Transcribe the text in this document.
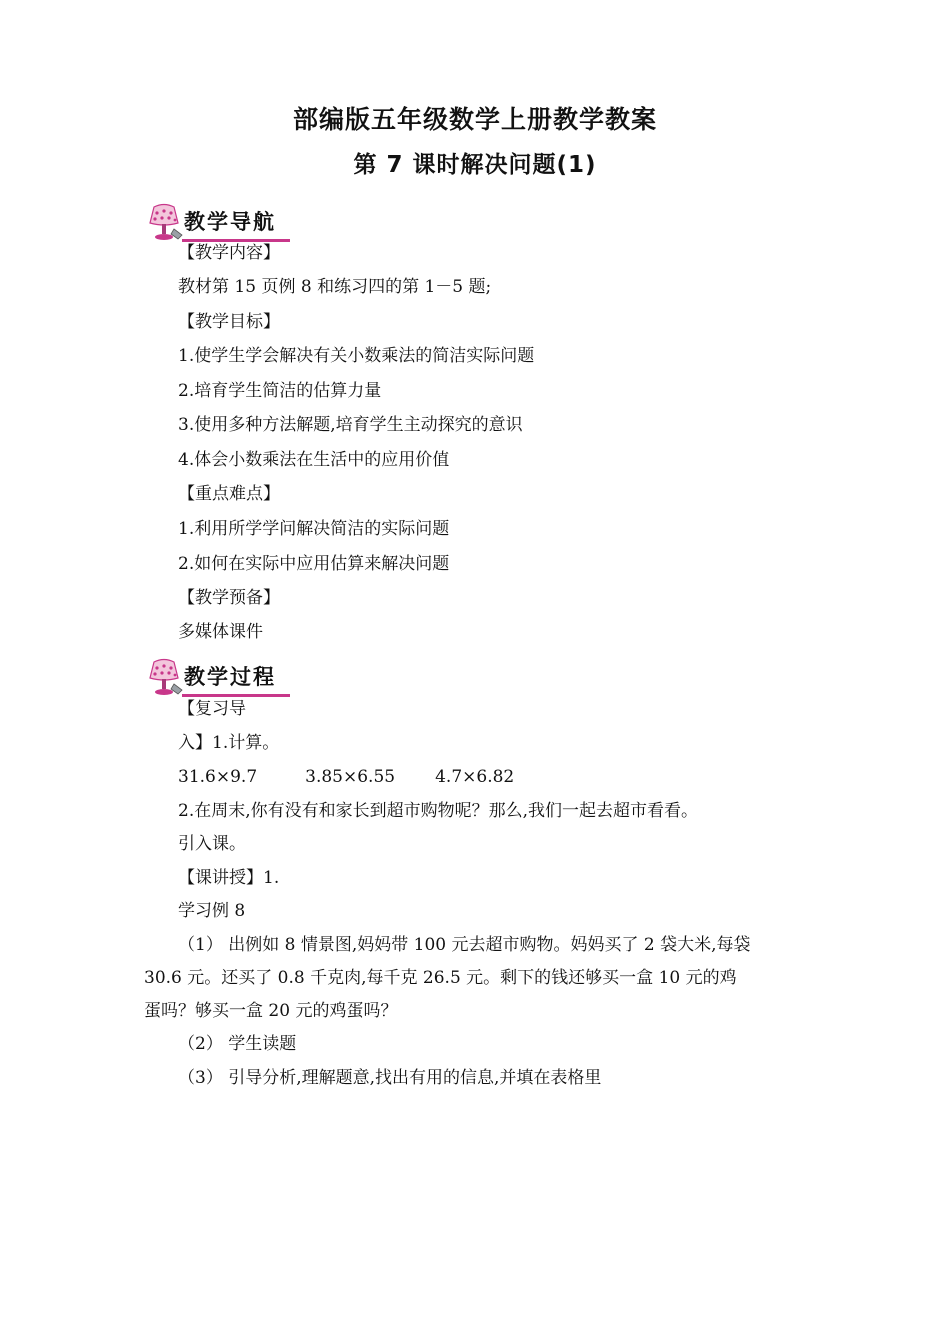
部编版五年级数学上册教学教案
第 7 课时解决问题(1)
教学导航
【教学内容】
教材第 15 页例 8 和练习四的第 1－5 题;
【教学目标】
1.使学生学会解决有关小数乘法的简洁实际问题
2.培育学生简洁的估算力量
3.使用多种方法解题,培育学生主动探究的意识
4.体会小数乘法在生活中的应用价值
【重点难点】
1.利用所学学问解决简洁的实际问题
2.如何在实际中应用估算来解决问题
【教学预备】
多媒体课件
教学过程
【复习导
入】1.计算。
31.6×9.7	3.85×6.55 4.7×6.82
2.在周末,你有没有和家长到超市购物呢？那么,我们一起去超市看看。
引入课。
【课讲授】1.
学习例 8
（1） 出例如 8 情景图,妈妈带 100 元去超市购物。妈妈买了 2 袋大米,每袋
30.6 元。还买了 0.8 千克肉,每千克 26.5 元。剩下的钱还够买一盒 10 元的鸡
蛋吗？够买一盒 20 元的鸡蛋吗？
（2） 学生读题
（3） 引导分析,理解题意,找出有用的信息,并填在表格里
